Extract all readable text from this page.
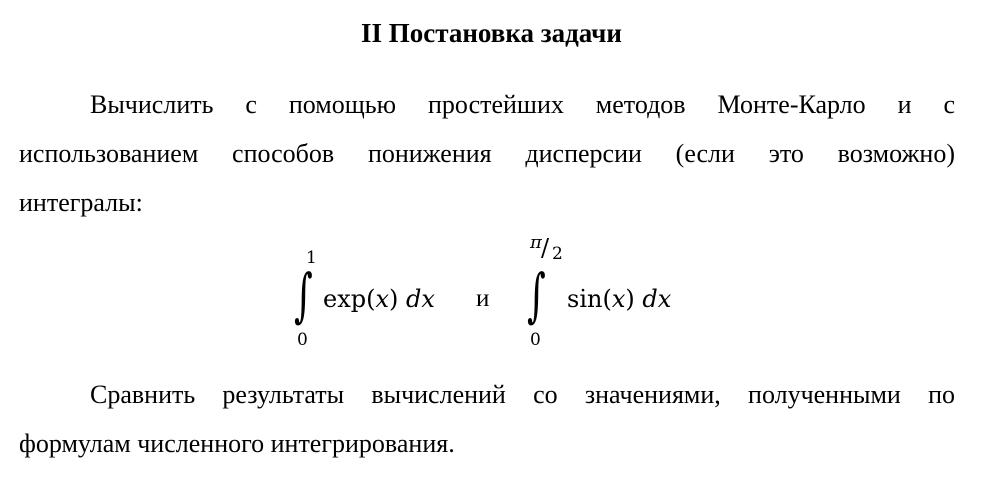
II Постановка задачи
Вычислить с помощью простейших методов Монте-Карло и с
использованием способов понижения дисперсии (если это возможно)
интегралы:
1
∫
0
exp(x) dx и
π / 2
∫
0
sin(x) dx
Сравнить результаты вычислений со значениями, полученными по
формулам численного интегрирования.
